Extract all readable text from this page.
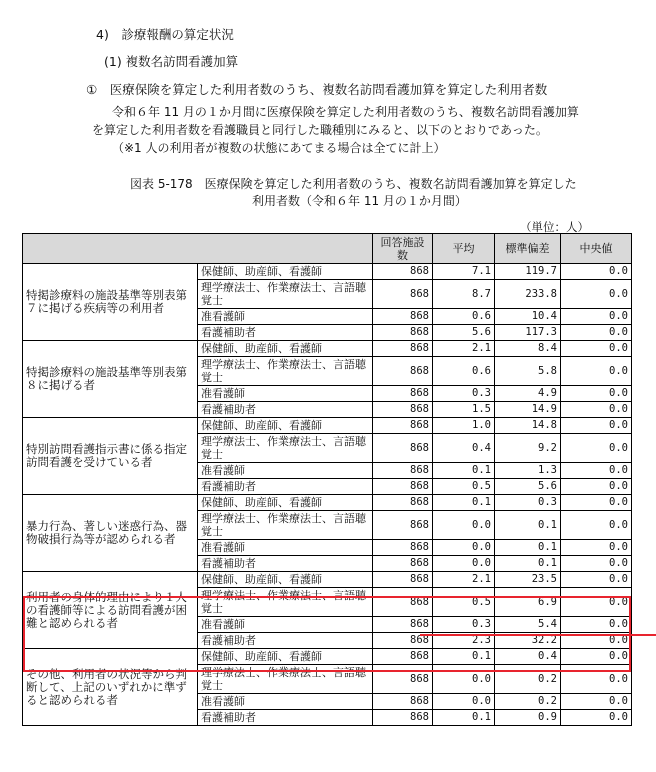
4)　診療報酬の算定状況
(1) 複数名訪問看護加算
①　医療保険を算定した利用者数のうち、複数名訪問看護加算を算定した利用者数
令和６年 11 月の１か月間に医療保険を算定した利用者数のうち、複数名訪問看護加算
を算定した利用者数を看護職員と同行した職種別にみると、以下のとおりであった。
（※1 人の利用者が複数の状態にあてまる場合は全てに計上）
図表 5-178　医療保険を算定した利用者数のうち、複数名訪問看護加算を算定した
利用者数（令和６年 11 月の１か月間）
（単位：人）
		回答施設数	平均	標準偏差	中央値
特掲診療料の施設基準等別表第７に掲げる疾病等の利用者	保健師、助産師、看護師	868	7.1	119.7	0.0
	理学療法士、作業療法士、言語聴覚士	868	8.7	233.8	0.0
	准看護師	868	0.6	10.4	0.0
	看護補助者	868	5.6	117.3	0.0
特掲診療料の施設基準等別表第８に掲げる者	保健師、助産師、看護師	868	2.1	8.4	0.0
	理学療法士、作業療法士、言語聴覚士	868	0.6	5.8	0.0
	准看護師	868	0.3	4.9	0.0
	看護補助者	868	1.5	14.9	0.0
特別訪問看護指示書に係る指定訪問看護を受けている者	保健師、助産師、看護師	868	1.0	14.8	0.0
	理学療法士、作業療法士、言語聴覚士	868	0.4	9.2	0.0
	准看護師	868	0.1	1.3	0.0
	看護補助者	868	0.5	5.6	0.0
暴力行為、著しい迷惑行為、器物破損行為等が認められる者	保健師、助産師、看護師	868	0.1	0.3	0.0
	理学療法士、作業療法士、言語聴覚士	868	0.0	0.1	0.0
	准看護師	868	0.0	0.1	0.0
	看護補助者	868	0.0	0.1	0.0
利用者の身体的理由により１人の看護師等による訪問看護が困難と認められる者	保健師、助産師、看護師	868	2.1	23.5	0.0
	理学療法士、作業療法士、言語聴覚士	868	0.5	6.9	0.0
	准看護師	868	0.3	5.4	0.0
	看護補助者	868	2.3	32.2	0.0
その他、利用者の状況等から判断して、上記のいずれかに準ずると認められる者	保健師、助産師、看護師	868	0.1	0.4	0.0
	理学療法士、作業療法士、言語聴覚士	868	0.0	0.2	0.0
	准看護師	868	0.0	0.2	0.0
	看護補助者	868	0.1	0.9	0.0
